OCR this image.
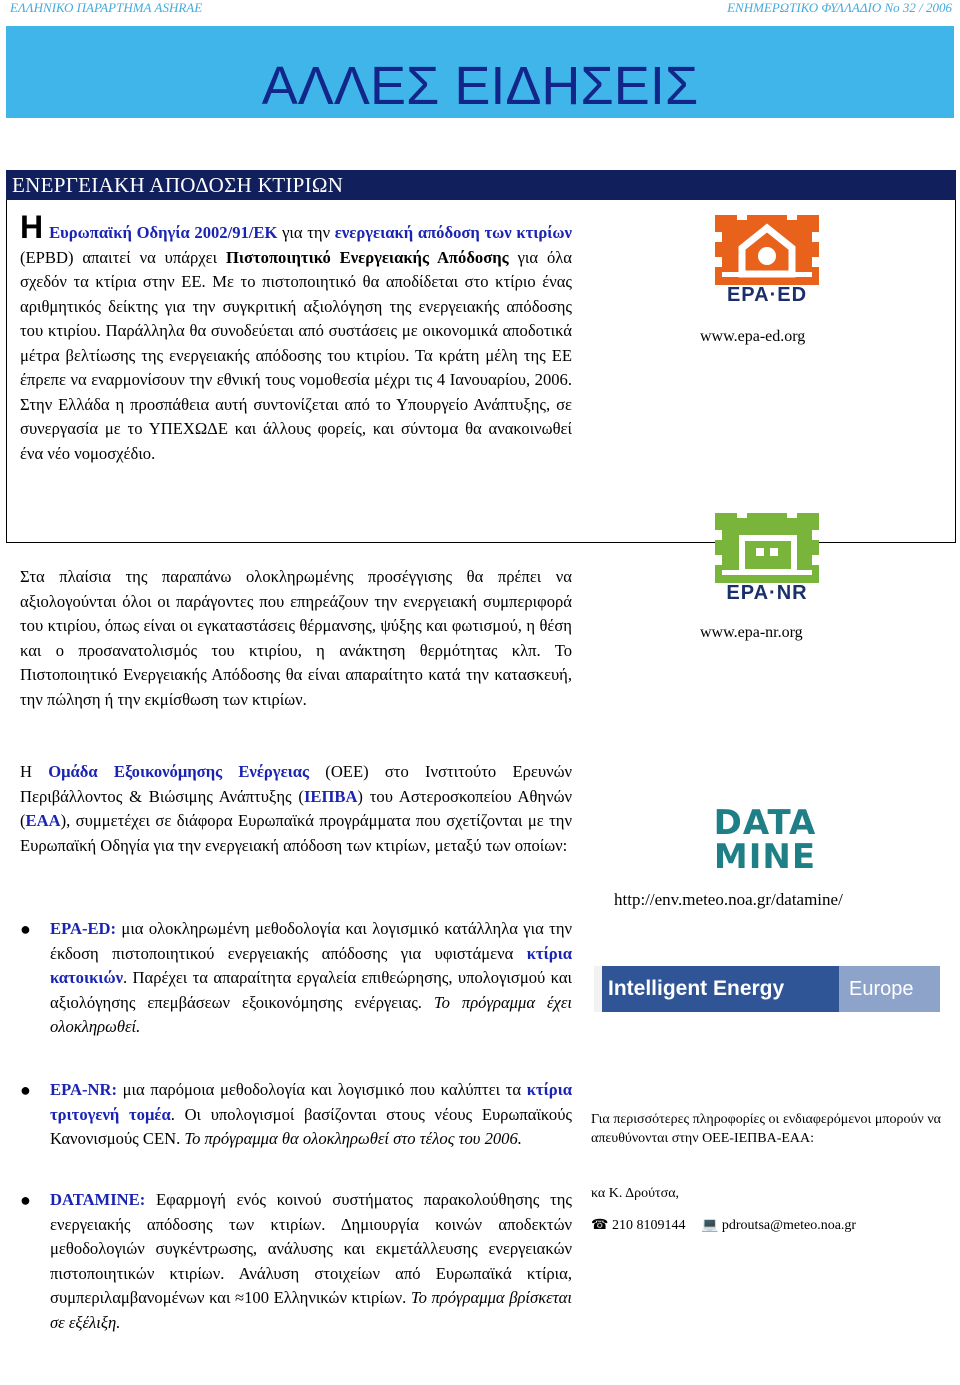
ΕΛΛΗΝΙΚΟ ΠΑΡΑΡΤΗΜΑ ASHRAE	ΕΝΗΜΕΡΩΤΙΚΟ ΦΥΛΛΑΔΙΟ Νο 32 / 2006
ΑΛΛΕΣ ΕΙΔΗΣΕΙΣ
ΕΝΕΡΓΕΙΑΚΗ ΑΠΟΔΟΣΗ ΚΤΙΡΙΩΝ
Η Ευρωπαϊκή Οδηγία 2002/91/ΕΚ για την ενεργειακή απόδοση των κτιρίων (EPBD) απαιτεί να υπάρχει Πιστοποιητικό Ενεργειακής Απόδοσης για όλα σχεδόν τα κτίρια στην ΕΕ. Με το πιστοποιητικό θα αποδίδεται στο κτίριο ένας αριθμητικός δείκτης για την συγκριτική αξιολόγηση της ενεργειακής απόδοσης του κτιρίου. Παράλληλα θα συνοδεύεται από συστάσεις με οικονομικά αποδοτικά μέτρα βελτίωσης της ενεργειακής απόδοσης του κτιρίου. Τα κράτη μέλη της ΕΕ έπρεπε να εναρμονίσουν την εθνική τους νομοθεσία μέχρι τις 4 Ιανουαρίου, 2006. Στην Ελλάδα η προσπάθεια αυτή συντονίζεται από το Υπουργείο Ανάπτυξης, σε συνεργασία με το ΥΠΕΧΩΔΕ και άλλους φορείς, και σύντομα θα ανακοινωθεί ένα νέο νομοσχέδιο.
Στα πλαίσια της παραπάνω ολοκληρωμένης προσέγγισης θα πρέπει να αξιολογούνται όλοι οι παράγοντες που επηρεάζουν την ενεργειακή συμπεριφορά του κτιρίου, όπως είναι οι εγκαταστάσεις θέρμανσης, ψύξης και φωτισμού, η θέση και ο προσανατολισμός του κτιρίου, η ανάκτηση θερμότητας κλπ. Το Πιστοποιητικό Ενεργειακής Απόδοσης θα είναι απαραίτητο κατά την κατασκευή, την πώληση ή την εκμίσθωση των κτιρίων.
Η Ομάδα Εξοικονόμησης Ενέργειας (ΟΕΕ) στο Ινστιτούτο Ερευνών Περιβάλλοντος & Βιώσιμης Ανάπτυξης (ΙΕΠΒΑ) του Αστεροσκοπείου Αθηνών (ΕΑΑ), συμμετέχει σε διάφορα Ευρωπαϊκά προγράμματα που σχετίζονται με την Ευρωπαϊκή Οδηγία για την ενεργειακή απόδοση των κτιρίων, μεταξύ των οποίων:
● EPA-ED: μια ολοκληρωμένη μεθοδολογία και λογισμικό κατάλληλα για την έκδοση πιστοποιητικού ενεργειακής απόδοσης για υφιστάμενα κτίρια κατοικιών. Παρέχει τα απαραίτητα εργαλεία επιθεώρησης, υπολογισμού και αξιολόγησης επεμβάσεων εξοικονόμησης ενέργειας. Το πρόγραμμα έχει ολοκληρωθεί.
● EPA-NR: μια παρόμοια μεθοδολογία και λογισμικό που καλύπτει τα κτίρια τριτογενή τομέα. Οι υπολογισμοί βασίζονται στους νέους Ευρωπαϊκούς Κανονισμούς CEN. Το πρόγραμμα θα ολοκληρωθεί στο τέλος του 2006.
● DATAMINE: Εφαρμογή ενός κοινού συστήματος παρακολούθησης της ενεργειακής απόδοσης των κτιρίων. Δημιουργία κοινών αποδεκτών μεθοδολογιών συγκέντρωσης, ανάλυσης και εκμετάλλευσης ενεργειακών πιστοποιητικών κτιρίων. Ανάλυση στοιχείων από Ευρωπαϊκά κτίρια, συμπεριλαμβανομένων και ≈100 Ελληνικών κτιρίων. Το πρόγραμμα βρίσκεται σε εξέλιξη.
EPA·ED
www.epa-ed.org
EPA·NR
www.epa-nr.org
DATA
MINE
http://env.meteo.noa.gr/datamine/
Intelligent Energy	Europe
Για περισσότερες πληροφορίες οι ενδιαφερόμενοι μπορούν να απευθύνονται στην ΟΕΕ-ΙΕΠΒΑ-ΕΑΑ:
κα Κ. Δρούτσα,
☎ 210 8109144 💻 pdroutsa@meteo.noa.gr
